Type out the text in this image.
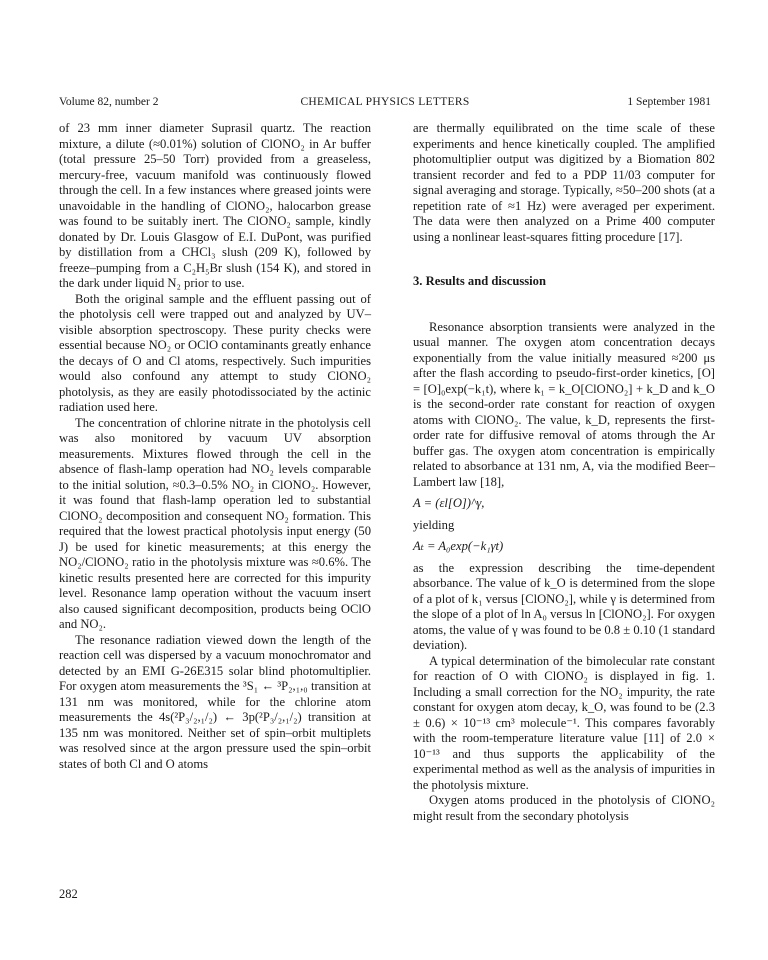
Volume 82, number 2	CHEMICAL PHYSICS LETTERS	1 September 1981

of 23 mm inner diameter Suprasil quartz. The reaction mixture, a dilute (≈0.01%) solution of ClONO₂ in Ar buffer (total pressure 25–50 Torr) provided from a greaseless, mercury-free, vacuum manifold was continuously flowed through the cell. In a few instances where greased joints were unavoidable in the handling of ClONO₂, halocarbon grease was found to be suitably inert. The ClONO₂ sample, kindly donated by Dr. Louis Glasgow of E.I. DuPont, was purified by distillation from a CHCl₃ slush (209 K), followed by freeze–pumping from a C₂H₅Br slush (154 K), and stored in the dark under liquid N₂ prior to use.

Both the original sample and the effluent passing out of the photolysis cell were trapped out and analyzed by UV–visible absorption spectroscopy. These purity checks were essential because NO₂ or OClO contaminants greatly enhance the decays of O and Cl atoms, respectively. Such impurities would also confound any attempt to study ClONO₂ photolysis, as they are easily photodissociated by the actinic radiation used here.

The concentration of chlorine nitrate in the photolysis cell was also monitored by vacuum UV absorption measurements. Mixtures flowed through the cell in the absence of flash-lamp operation had NO₂ levels comparable to the initial solution, ≈0.3–0.5% NO₂ in ClONO₂. However, it was found that flash-lamp operation led to substantial ClONO₂ decomposition and consequent NO₂ formation. This required that the lowest practical photolysis input energy (50 J) be used for kinetic measurements; at this energy the NO₂/ClONO₂ ratio in the photolysis mixture was ≈0.6%. The kinetic results presented here are corrected for this impurity level. Resonance lamp operation without the vacuum insert also caused significant decomposition, products being OClO and NO₂.

The resonance radiation viewed down the length of the reaction cell was dispersed by a vacuum monochromator and detected by an EMI G-26E315 solar blind photomultiplier. For oxygen atom measurements the ³S₁ ← ³P₂,₁,₀ transition at 131 nm was monitored, while for the chlorine atom measurements the 4s(²P₃/₂,₁/₂) ← 3p(²P₃/₂,₁/₂) transition at 135 nm was monitored. Neither set of spin–orbit multiplets was resolved since at the argon pressure used the spin–orbit states of both Cl and O atoms

are thermally equilibrated on the time scale of these experiments and hence kinetically coupled. The amplified photomultiplier output was digitized by a Biomation 802 transient recorder and fed to a PDP 11/03 computer for signal averaging and storage. Typically, ≈50–200 shots (at a repetition rate of ≈1 Hz) were averaged per experiment. The data were then analyzed on a Prime 400 computer using a nonlinear least-squares fitting procedure [17].

3. Results and discussion

Resonance absorption transients were analyzed in the usual manner. The oxygen atom concentration decays exponentially from the value initially measured ≈200 μs after the flash according to pseudo-first-order kinetics, [O] = [O]₀exp(−k₁t), where k₁ = k_O[ClONO₂] + k_D and k_O is the second-order rate constant for reaction of oxygen atoms with ClONO₂. The value, k_D, represents the first-order rate for diffusive removal of atoms through the Ar buffer gas. The oxygen atom concentration is empirically related to absorbance at 131 nm, A, via the modified Beer–Lambert law [18],

A = (εl[O])^γ,

yielding

Aₜ = A₀exp(−k₁γt)

as the expression describing the time-dependent absorbance. The value of k_O is determined from the slope of a plot of k₁ versus [ClONO₂], while γ is determined from the slope of a plot of ln A₀ versus ln [ClONO₂]. For oxygen atoms, the value of γ was found to be 0.8 ± 0.10 (1 standard deviation).

A typical determination of the bimolecular rate constant for reaction of O with ClONO₂ is displayed in fig. 1. Including a small correction for the NO₂ impurity, the rate constant for oxygen atom decay, k_O, was found to be (2.3 ± 0.6) × 10⁻¹³ cm³ molecule⁻¹. This compares favorably with the room-temperature literature value [11] of 2.0 × 10⁻¹³ and thus supports the applicability of the experimental method as well as the analysis of impurities in the photolysis mixture.

Oxygen atoms produced in the photolysis of ClONO₂ might result from the secondary photolysis

282
